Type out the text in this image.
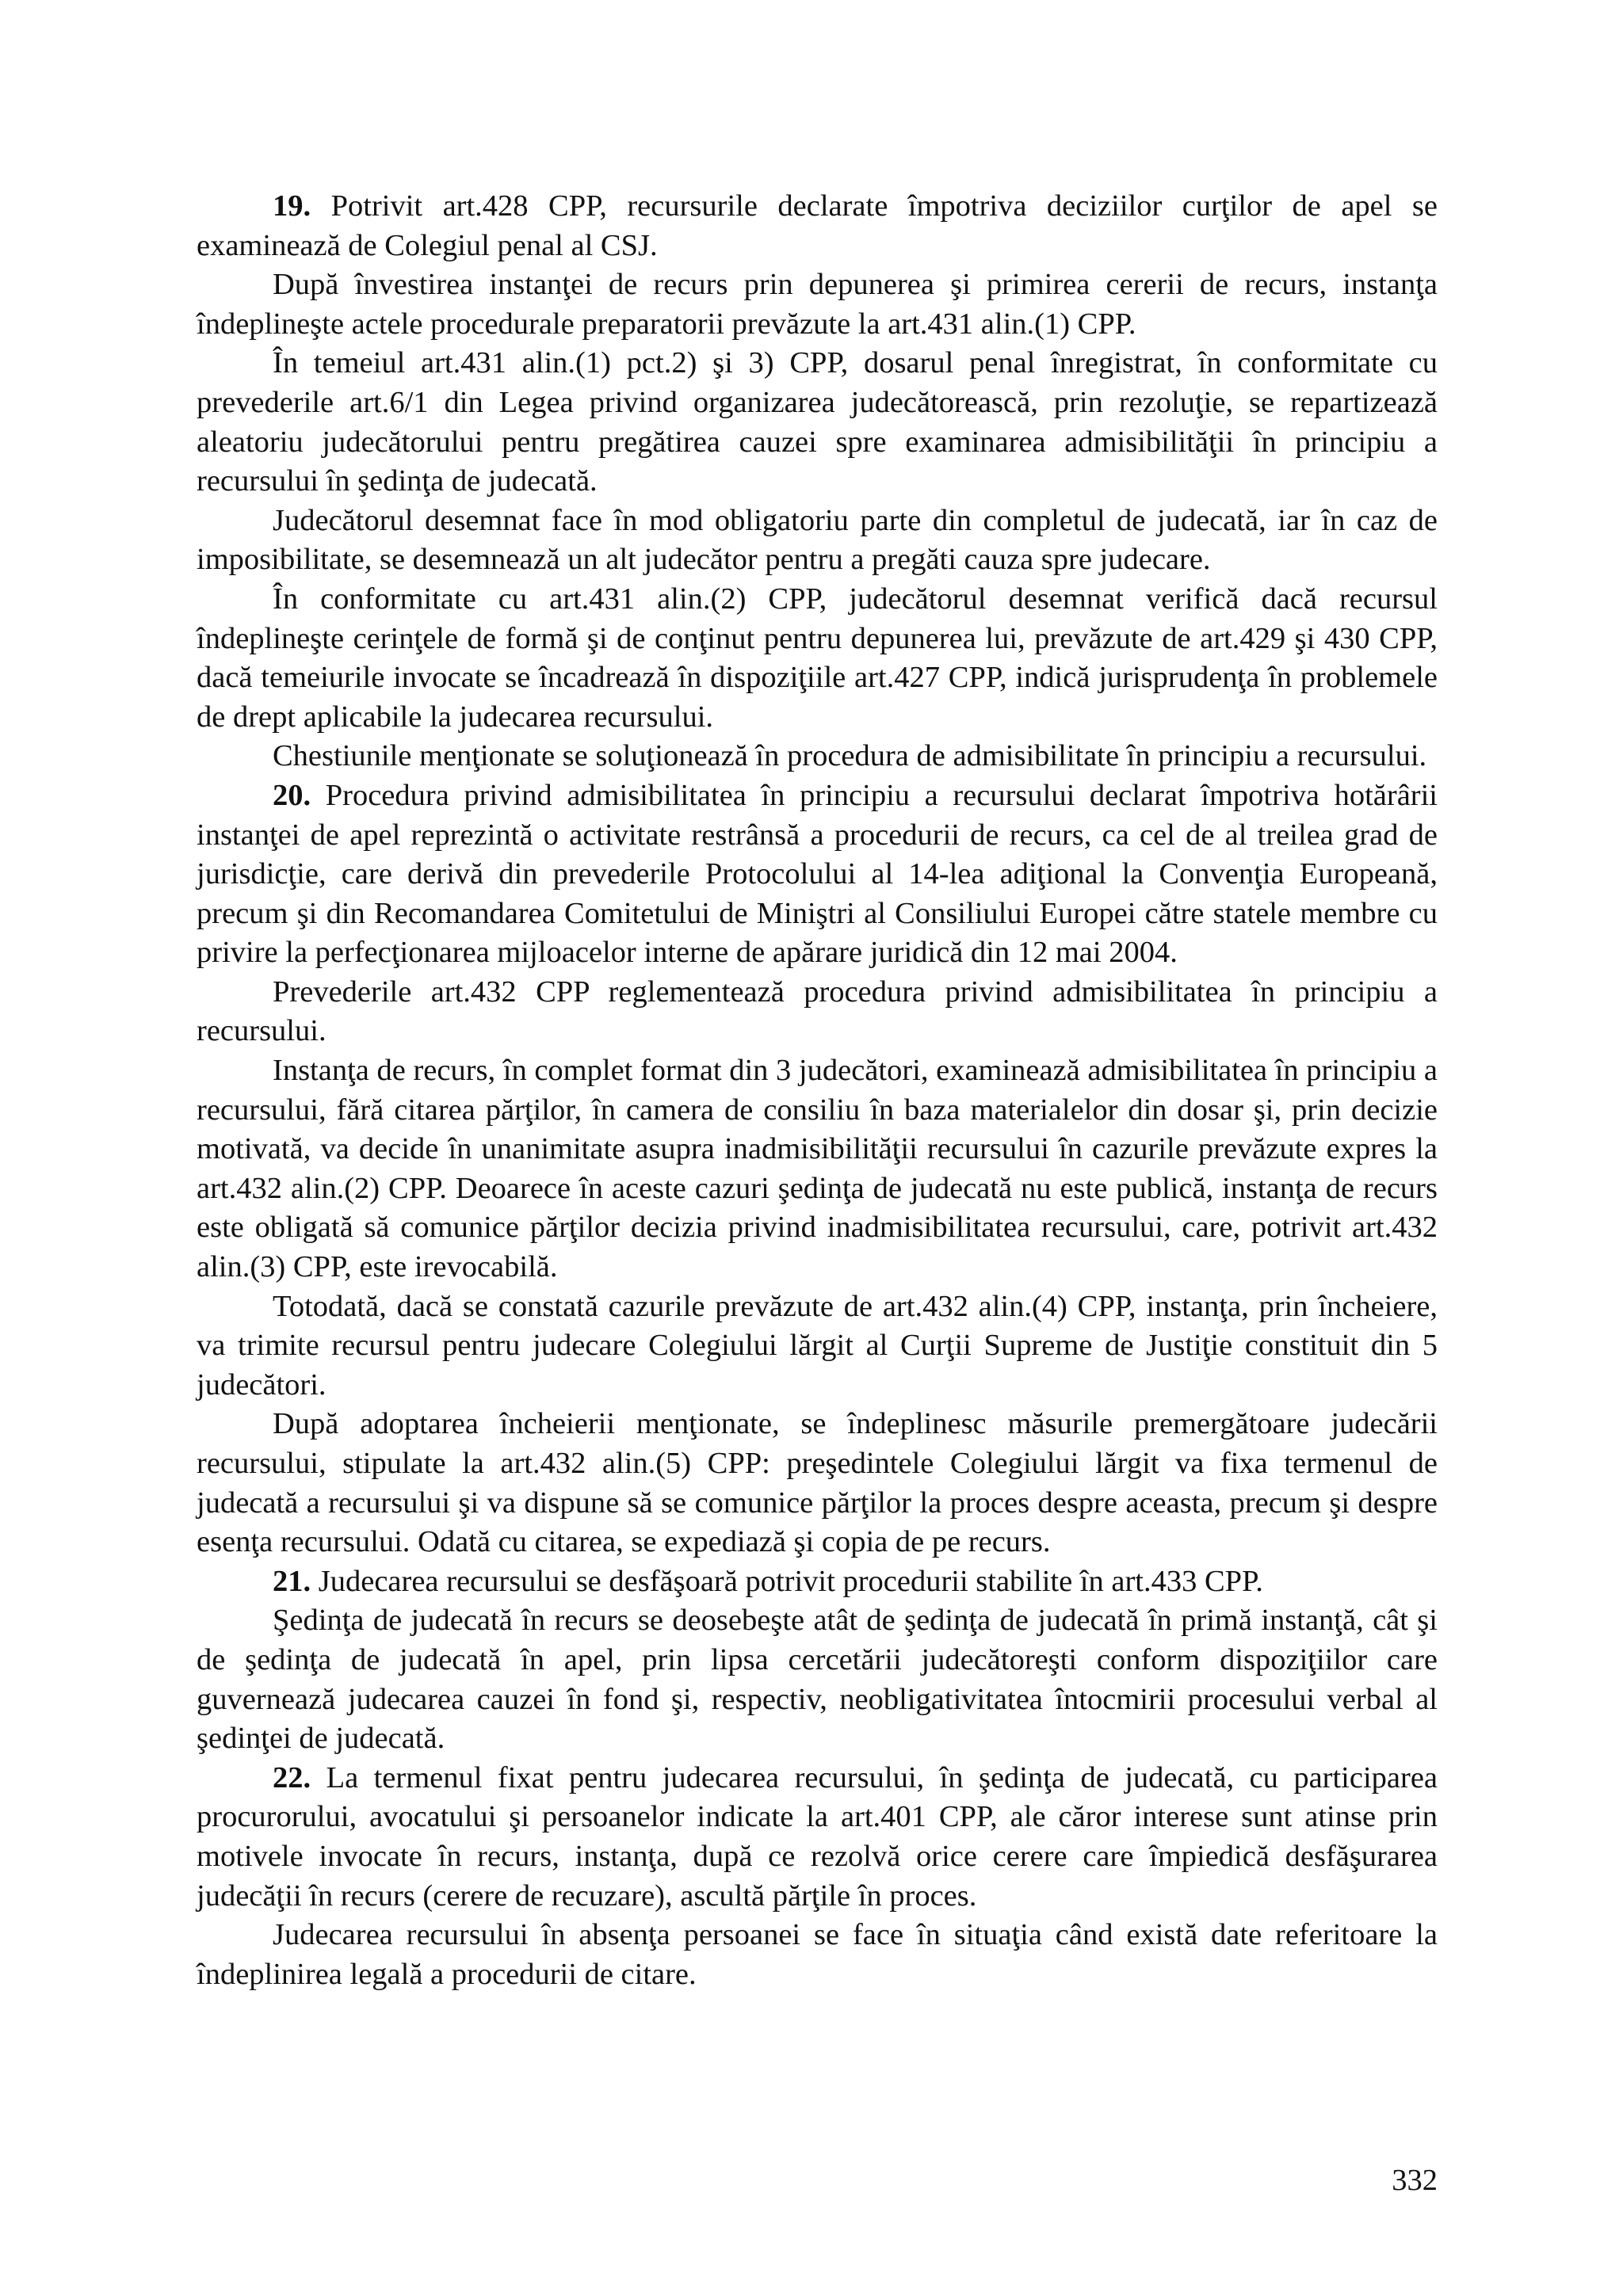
19. Potrivit art.428 CPP, recursurile declarate împotriva deciziilor curţilor de apel se examinează de Colegiul penal al CSJ.

După învestirea instanţei de recurs prin depunerea şi primirea cererii de recurs, instanţa îndeplineşte actele procedurale preparatorii prevăzute la art.431 alin.(1) CPP.

În temeiul art.431 alin.(1) pct.2) şi 3) CPP, dosarul penal înregistrat, în conformitate cu prevederile art.6/1 din Legea privind organizarea judecătorească, prin rezoluţie, se repartizează aleatoriu judecătorului pentru pregătirea cauzei spre examinarea admisibilităţii în principiu a recursului în şedinţa de judecată.

Judecătorul desemnat face în mod obligatoriu parte din completul de judecată, iar în caz de imposibilitate, se desemnează un alt judecător pentru a pregăti cauza spre judecare.

În conformitate cu art.431 alin.(2) CPP, judecătorul desemnat verifică dacă recursul îndeplineşte cerinţele de formă şi de conţinut pentru depunerea lui, prevăzute de art.429 şi 430 CPP, dacă temeiurile invocate se încadrează în dispoziţiile art.427 CPP, indică jurisprudenţa în problemele de drept aplicabile la judecarea recursului.

Chestiunile menţionate se soluţionează în procedura de admisibilitate în principiu a recursului.

20. Procedura privind admisibilitatea în principiu a recursului declarat împotriva hotărârii instanţei de apel reprezintă o activitate restrânsă a procedurii de recurs, ca cel de al treilea grad de jurisdicţie, care derivă din prevederile Protocolului al 14-lea adiţional la Convenţia Europeană, precum şi din Recomandarea Comitetului de Miniştri al Consiliului Europei către statele membre cu privire la perfecţionarea mijloacelor interne de apărare juridică din 12 mai 2004.

Prevederile art.432 CPP reglementează procedura privind admisibilitatea în principiu a recursului.

Instanţa de recurs, în complet format din 3 judecători, examinează admisibilitatea în principiu a recursului, fără citarea părţilor, în camera de consiliu în baza materialelor din dosar şi, prin decizie motivată, va decide în unanimitate asupra inadmisibilităţii recursului în cazurile prevăzute expres la art.432 alin.(2) CPP. Deoarece în aceste cazuri şedinţa de judecată nu este publică, instanţa de recurs este obligată să comunice părţilor decizia privind inadmisibilitatea recursului, care, potrivit art.432 alin.(3) CPP, este irevocabilă.

Totodată, dacă se constată cazurile prevăzute de art.432 alin.(4) CPP, instanţa, prin încheiere, va trimite recursul pentru judecare Colegiului lărgit al Curţii Supreme de Justiţie constituit din 5 judecători.

După adoptarea încheierii menţionate, se îndeplinesc măsurile premergătoare judecării recursului, stipulate la art.432 alin.(5) CPP: preşedintele Colegiului lărgit va fixa termenul de judecată a recursului şi va dispune să se comunice părţilor la proces despre aceasta, precum şi despre esenţa recursului. Odată cu citarea, se expediază şi copia de pe recurs.

21. Judecarea recursului se desfăşoară potrivit procedurii stabilite în art.433 CPP.

Şedinţa de judecată în recurs se deosebeşte atât de şedinţa de judecată în primă instanţă, cât şi de şedinţa de judecată în apel, prin lipsa cercetării judecătoreşti conform dispoziţiilor care guvernează judecarea cauzei în fond şi, respectiv, neobligativitatea întocmirii procesului verbal al şedinţei de judecată.

22. La termenul fixat pentru judecarea recursului, în şedinţa de judecată, cu participarea procurorului, avocatului şi persoanelor indicate la art.401 CPP, ale căror interese sunt atinse prin motivele invocate în recurs, instanţa, după ce rezolvă orice cerere care împiedică desfăşurarea judecăţii în recurs (cerere de recuzare), ascultă părţile în proces.

Judecarea recursului în absenţa persoanei se face în situaţia când există date referitoare la îndeplinirea legală a procedurii de citare.

332
